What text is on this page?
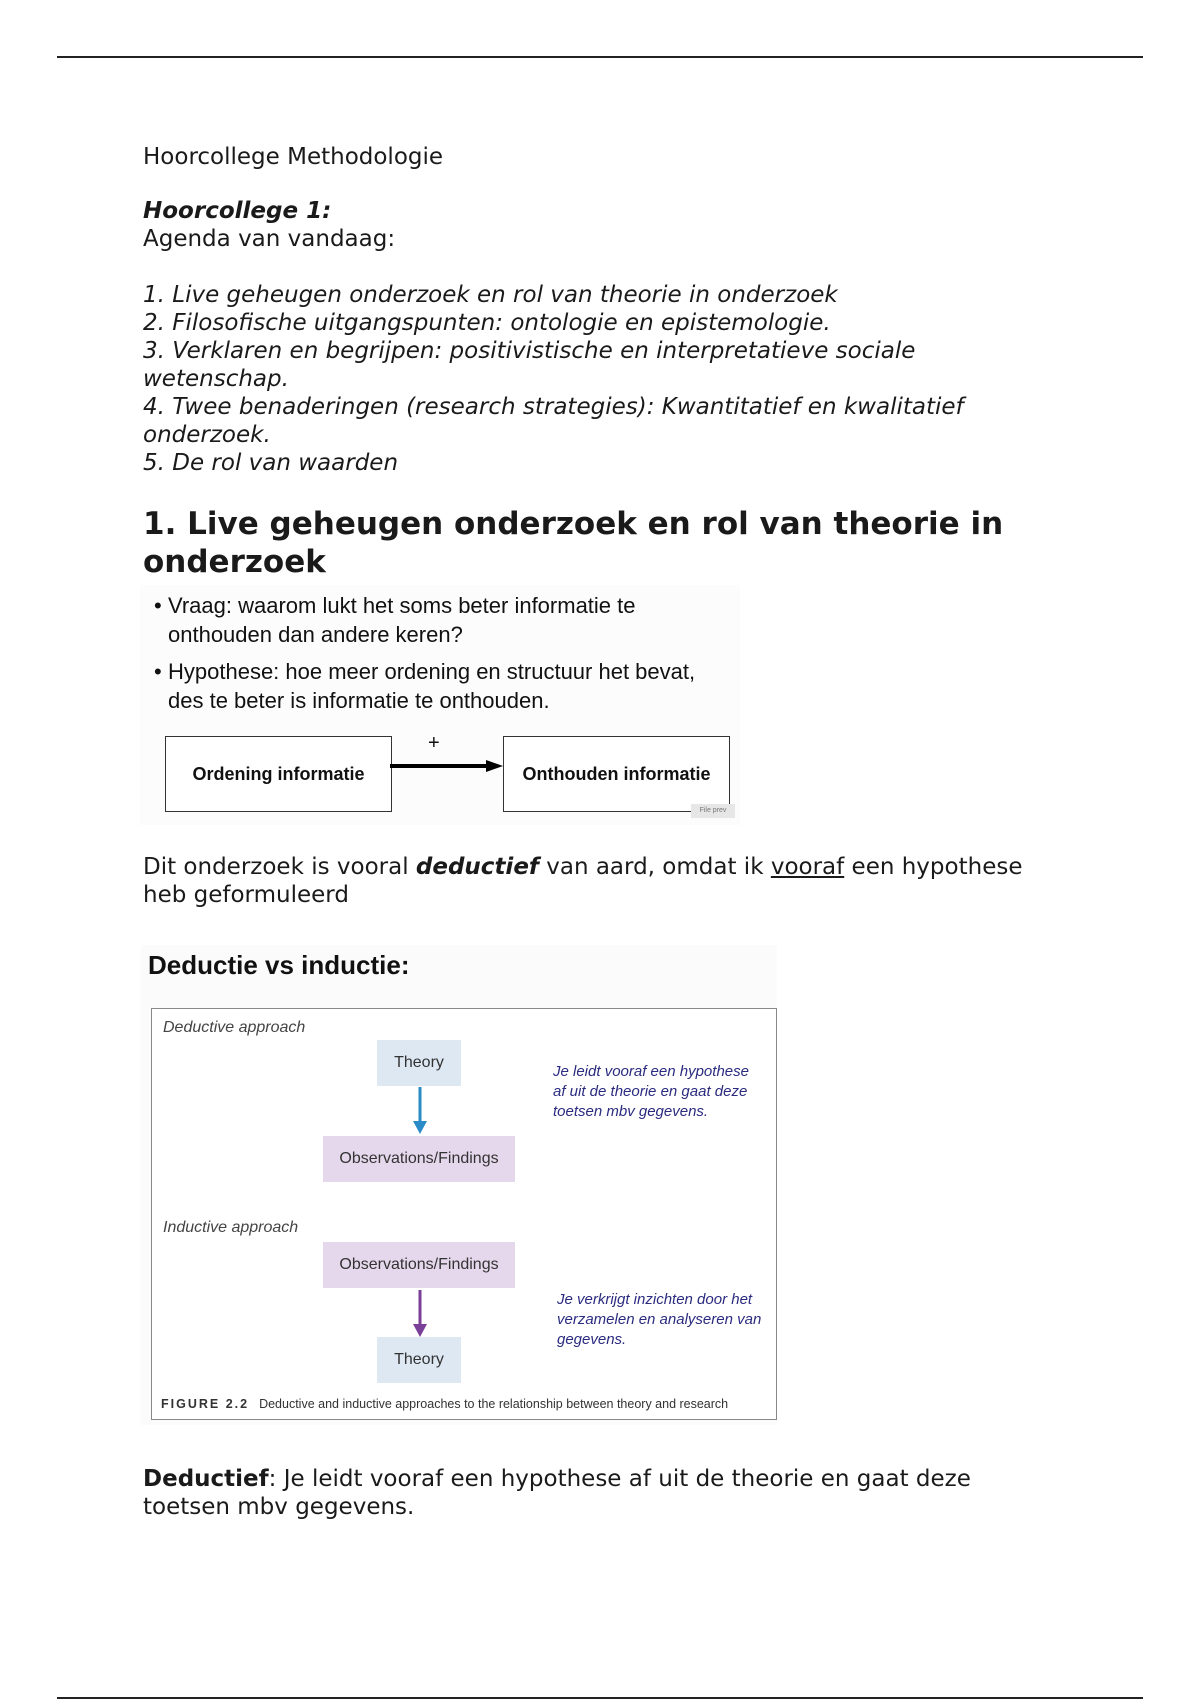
Hoorcollege Methodologie
Hoorcollege 1:
Agenda van vandaag:
1. Live geheugen onderzoek en rol van theorie in onderzoek
2. Filosofische uitgangspunten: ontologie en epistemologie.
3. Verklaren en begrijpen: positivistische en interpretatieve sociale wetenschap.
4. Twee benaderingen (research strategies): Kwantitatief en kwalitatief onderzoek.
5. De rol van waarden
1. Live geheugen onderzoek en rol van theorie in onderzoek
• Vraag: waarom lukt het soms beter informatie te onthouden dan andere keren?
• Hypothese: hoe meer ordening en structuur het bevat, des te beter is informatie te onthouden.
Ordening informatie
+
Onthouden informatie
File prev
Dit onderzoek is vooral deductief van aard, omdat ik vooraf een hypothese heb geformuleerd
Deductie vs inductie:
Deductive approach
Theory
Observations/Findings
Je leidt vooraf een hypothese af uit de theorie en gaat deze toetsen mbv gegevens.
Inductive approach
Observations/Findings
Theory
Je verkrijgt inzichten door het verzamelen en analyseren van gegevens.
FIGURE 2.2 Deductive and inductive approaches to the relationship between theory and research
Deductief: Je leidt vooraf een hypothese af uit de theorie en gaat deze toetsen mbv gegevens.
